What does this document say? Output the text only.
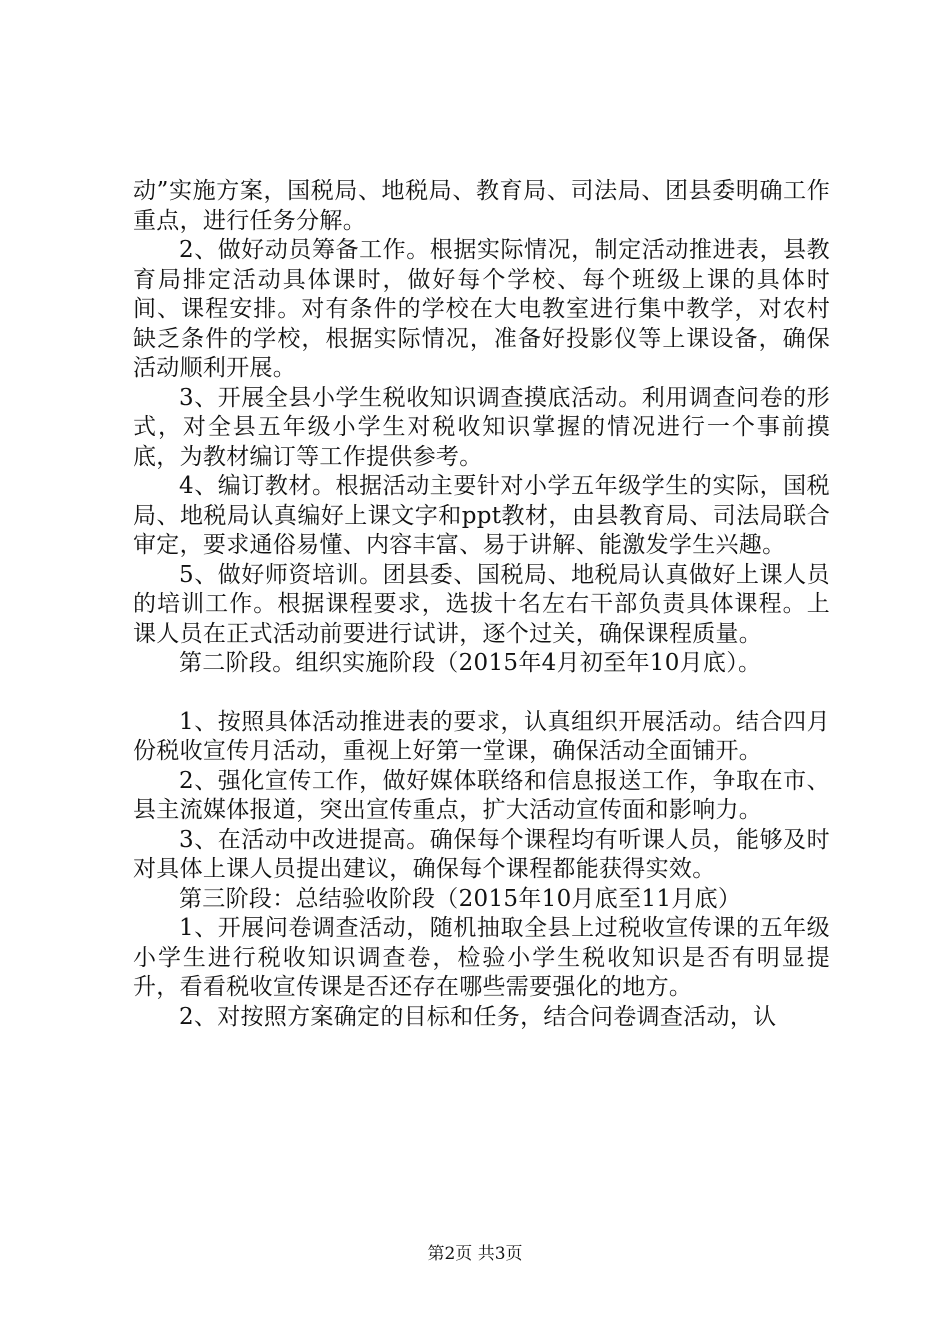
动”实施方案，国税局、地税局、教育局、司法局、团县委明确工作重点，进行任务分解。

2、做好动员筹备工作。根据实际情况，制定活动推进表，县教育局排定活动具体课时，做好每个学校、每个班级上课的具体时间、课程安排。对有条件的学校在大电教室进行集中教学，对农村缺乏条件的学校，根据实际情况，准备好投影仪等上课设备，确保活动顺利开展。

3、开展全县小学生税收知识调查摸底活动。利用调查问卷的形式，对全县五年级小学生对税收知识掌握的情况进行一个事前摸底，为教材编订等工作提供参考。

4、编订教材。根据活动主要针对小学五年级学生的实际，国税局、地税局认真编好上课文字和ppt教材，由县教育局、司法局联合审定，要求通俗易懂、内容丰富、易于讲解、能激发学生兴趣。

5、做好师资培训。团县委、国税局、地税局认真做好上课人员的培训工作。根据课程要求，选拔十名左右干部负责具体课程。上课人员在正式活动前要进行试讲，逐个过关，确保课程质量。

第二阶段。组织实施阶段（2015年4月初至年10月底）。

1、按照具体活动推进表的要求，认真组织开展活动。结合四月份税收宣传月活动，重视上好第一堂课，确保活动全面铺开。

2、强化宣传工作，做好媒体联络和信息报送工作，争取在市、县主流媒体报道，突出宣传重点，扩大活动宣传面和影响力。

3、在活动中改进提高。确保每个课程均有听课人员，能够及时对具体上课人员提出建议，确保每个课程都能获得实效。

第三阶段：总结验收阶段（2015年10月底至11月底）

1、开展问卷调查活动，随机抽取全县上过税收宣传课的五年级小学生进行税收知识调查卷，检验小学生税收知识是否有明显提升，看看税收宣传课是否还存在哪些需要强化的地方。

2、对按照方案确定的目标和任务，结合问卷调查活动，认

第2页 共3页
